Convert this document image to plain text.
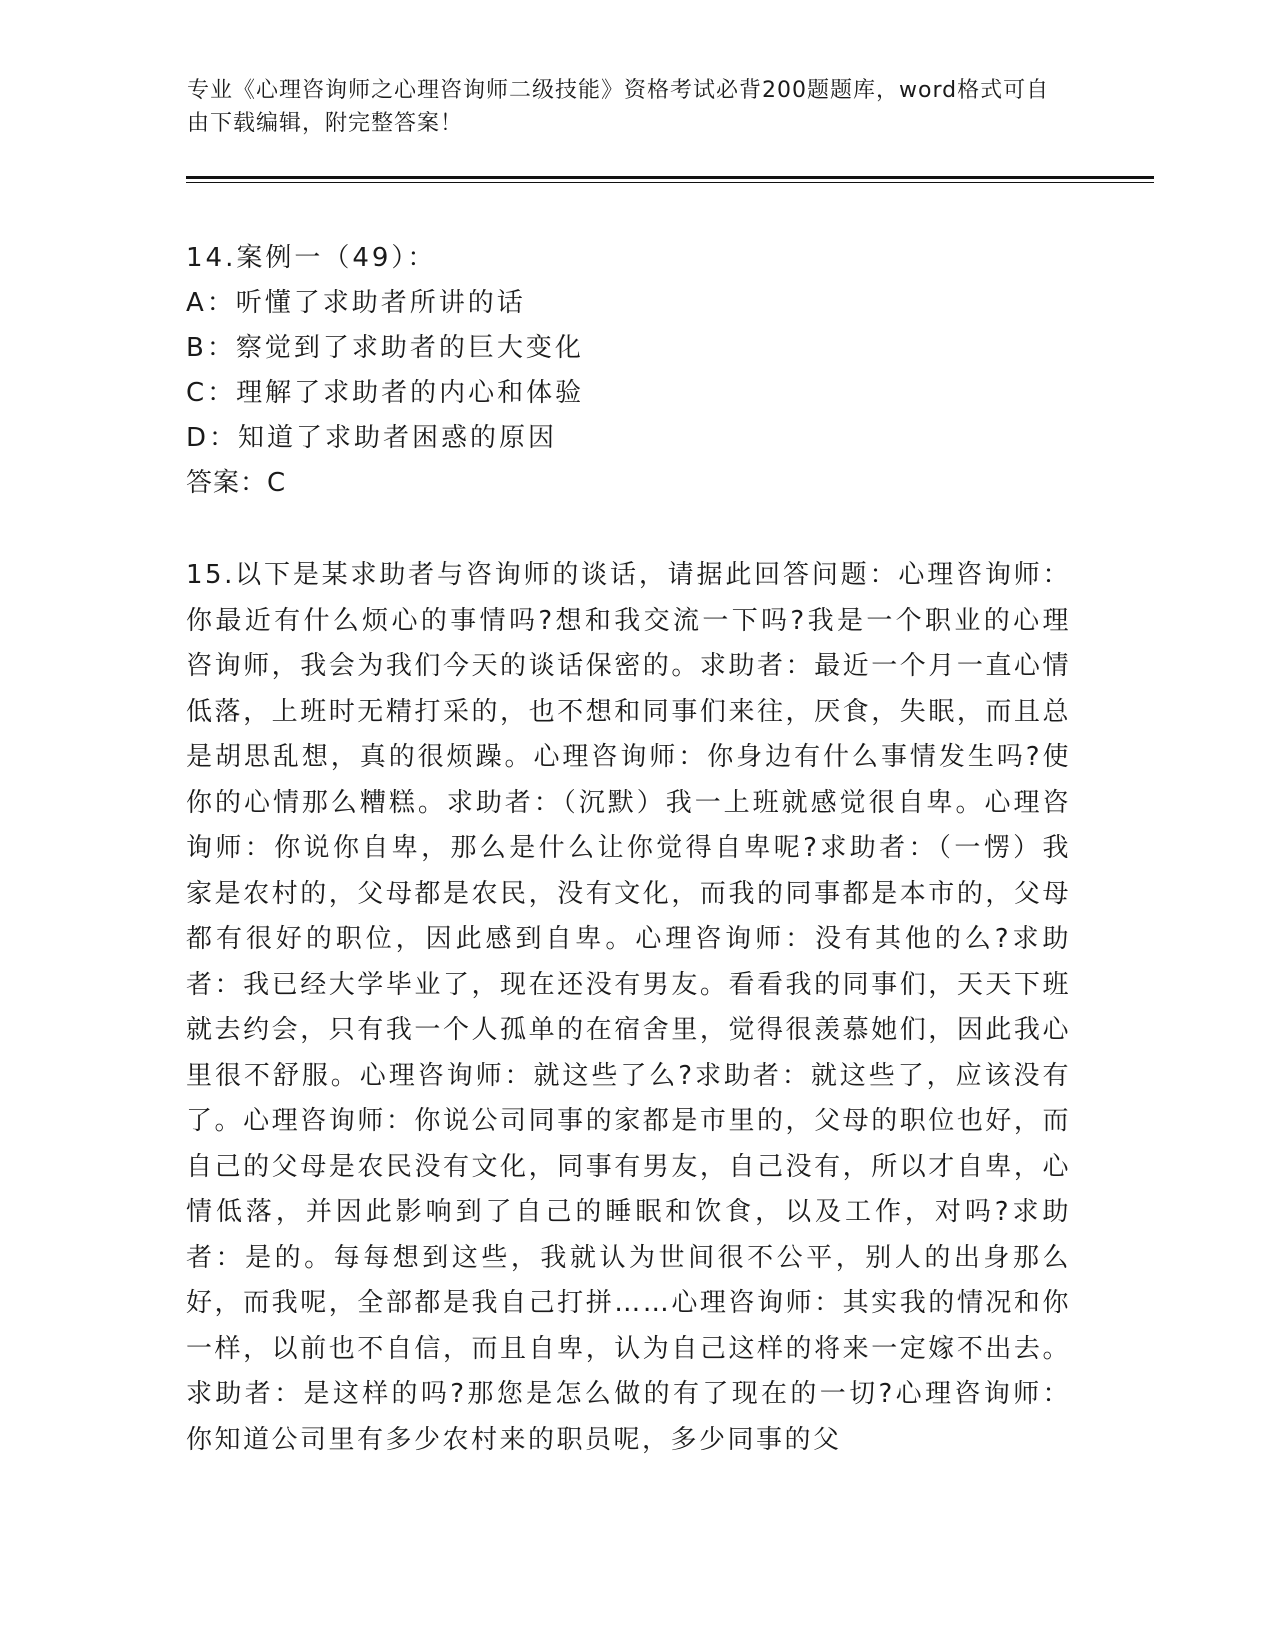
专业《心理咨询师之心理咨询师二级技能》资格考试必背200题题库，word格式可自由下载编辑，附完整答案！
14.案例一（49）：
A：听懂了求助者所讲的话
B：察觉到了求助者的巨大变化
C：理解了求助者的内心和体验
D：知道了求助者困惑的原因
答案：C
15.以下是某求助者与咨询师的谈话，请据此回答问题：心理咨询师：你最近有什么烦心的事情吗?想和我交流一下吗?我是一个职业的心理咨询师，我会为我们今天的谈话保密的。求助者：最近一个月一直心情低落，上班时无精打采的，也不想和同事们来往，厌食，失眠，而且总是胡思乱想，真的很烦躁。心理咨询师：你身边有什么事情发生吗?使你的心情那么糟糕。求助者：（沉默）我一上班就感觉很自卑。心理咨询师：你说你自卑，那么是什么让你觉得自卑呢?求助者：（一愣）我家是农村的，父母都是农民，没有文化，而我的同事都是本市的，父母都有很好的职位，因此感到自卑。心理咨询师：没有其他的么?求助者：我已经大学毕业了，现在还没有男友。看看我的同事们，天天下班就去约会，只有我一个人孤单的在宿舍里，觉得很羡慕她们，因此我心里很不舒服。心理咨询师：就这些了么?求助者：就这些了，应该没有了。心理咨询师：你说公司同事的家都是市里的，父母的职位也好，而自己的父母是农民没有文化，同事有男友，自己没有，所以才自卑，心情低落，并因此影响到了自己的睡眠和饮食，以及工作，对吗?求助者：是的。每每想到这些，我就认为世间很不公平，别人的出身那么好，而我呢，全部都是我自己打拼……心理咨询师：其实我的情况和你一样，以前也不自信，而且自卑，认为自己这样的将来一定嫁不出去。求助者：是这样的吗?那您是怎么做的有了现在的一切?心理咨询师：你知道公司里有多少农村来的职员呢，多少同事的父
